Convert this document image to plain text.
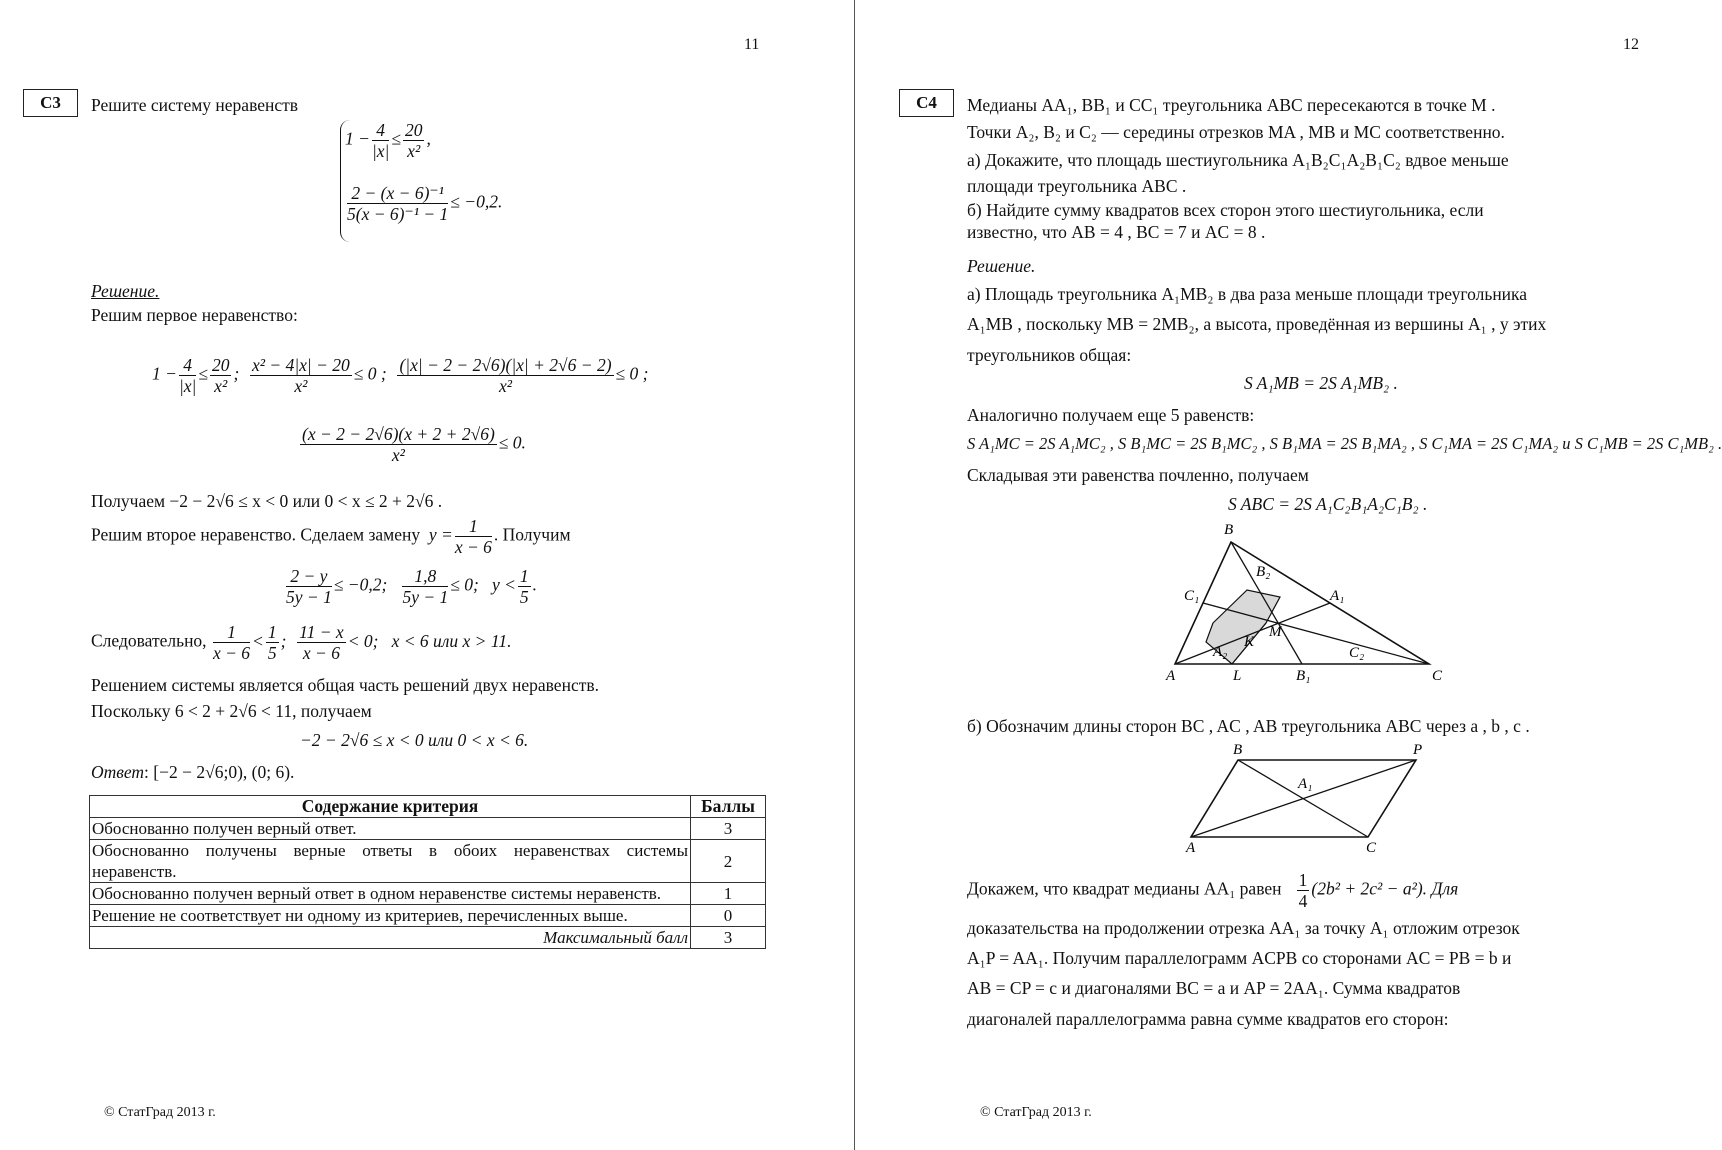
11
С3	Решите систему неравенств
$1 - \frac{4}{|x|} \le \frac{20}{\text{x²}}$ ,
$\frac{\text{2 − (x − 6)⁻¹}}{\text{5(x − 6)⁻¹ − 1}} \le -0,2$.
Решение.
Решим первое неравенство:
$1 - \frac{4}{|x|} \le \frac{20}{\text{x²}}$ ; $\frac{\text{x² − 4|x| − 20}}{\text{x²}} \le 0$ ; $\frac{(|x| - 2 - 2√6)(|x| + 2√6 - 2)}{\text{x²}} \le 0$ ;
$\frac{(x - 2 - 2√6)(x + 2 + 2√6)}{\text{x²}} \le 0$.
Получаем −2 − 2√6 ≤ x < 0 или 0 < x ≤ 2 + 2√6 .
Решим второе неравенство. Сделаем замену $y = \frac{1}{x - 6}$ . Получим
$\frac{2 - y}{5y - 1} \le -0,2$; $\frac{1,8}{5y - 1} \le 0$; $y < \frac{1}{5}$ .
Следовательно, $\frac{1}{x - 6} < \frac{1}{5}$ ; $\frac{11 - x}{x - 6} < 0$; x < 6 или x > 11.
Решением системы является общая часть решений двух неравенств.
Поскольку 6 < 2 + 2√6 < 11, получаем
−2 − 2√6 ≤ x < 0 или 0 < x < 6.
Ответ: [−2 − 2√6;0), (0; 6).
Содержание критерия	Баллы
Обоснованно получен верный ответ.	3
Обоснованно получены верные ответы в обоих неравенствах системы неравенств.	2
Обоснованно получен верный ответ в одном неравенстве системы неравенств.	1
Решение не соответствует ни одному из критериев, перечисленных выше.	0
Максимальный балл	3
© СтатГрад 2013 г.
12
С4	Медианы AA₁, BB₁ и CC₁ треугольника ABC пересекаются в точке M .
Точки A₂, B₂ и C₂ — середины отрезков MA , MB и MC соответственно.
а) Докажите, что площадь шестиугольника A₁B₂C₁A₂B₁C₂ вдвое меньше
площади треугольника ABC .
б) Найдите сумму квадратов всех сторон этого шестиугольника, если
известно, что AB = 4 , BC = 7 и AC = 8 .
Решение.
а) Площадь треугольника A₁MB₂ в два раза меньше площади треугольника
A₁MB , поскольку MB = 2MB₂, а высота, проведённая из вершины A₁ , у этих
треугольников общая:
S A₁MB = 2S A₁MB₂ .
Аналогично получаем еще 5 равенств:
S A₁MC = 2S A₁MC₂ , S B₁MC = 2S B₁MC₂ , S B₁MA = 2S B₁MA₂ , S C₁MA = 2S C₁MA₂ и S C₁MB = 2S C₁MB₂ .
Складывая эти равенства почленно, получаем
S ABC = 2S A₁C₂B₁A₂C₁B₂ .
B
B₂
C₁	A₁
M
K
A₂	C₂
A	L	B₁	C
б) Обозначим длины сторон BC , AC , AB треугольника ABC через a , b , c .
B	P
A₁
A	C
Докажем, что квадрат медианы AA₁ равен $\frac{1}{4} (2b^2 + 2c^2 - a^2)$. Для
доказательства на продолжении отрезка AA₁ за точку A₁ отложим отрезок
A₁P = AA₁. Получим параллелограмм ACPB со сторонами AC = PB = b и
AB = CP = c и диагоналями BC = a и AP = 2AA₁. Сумма квадратов
диагоналей параллелограмма равна сумме квадратов его сторон:
© СтатГрад 2013 г.
